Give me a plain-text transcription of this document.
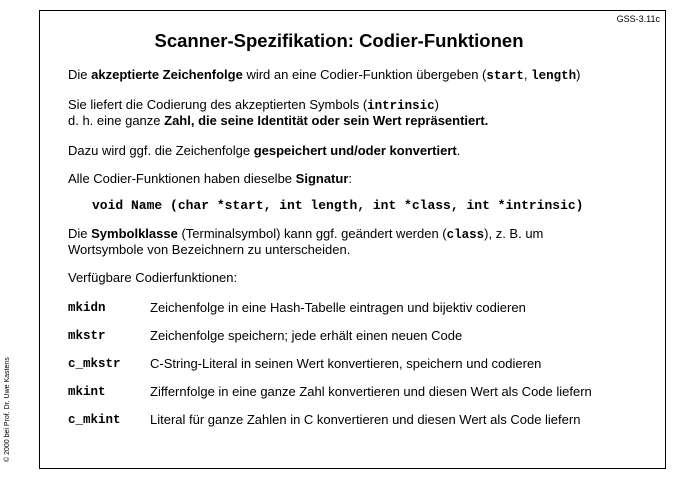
GSS-3.11c
Scanner-Spezifikation: Codier-Funktionen
© 2000 bei Prof. Dr. Uwe Kastens
Die akzeptierte Zeichenfolge wird an eine Codier-Funktion übergeben (start, length)
Sie liefert die Codierung des akzeptierten Symbols (intrinsic)
d. h. eine ganze Zahl, die seine Identität oder sein Wert repräsentiert.
Dazu wird ggf. die Zeichenfolge gespeichert und/oder konvertiert.
Alle Codier-Funktionen haben dieselbe Signatur:
void Name (char *start, int length, int *class, int *intrinsic)
Die Symbolklasse (Terminalsymbol) kann ggf. geändert werden (class), z. B. um
Wortsymbole von Bezeichnern zu unterscheiden.
Verfügbare Codierfunktionen:
mkidn	Zeichenfolge in eine Hash-Tabelle eintragen und bijektiv codieren
mkstr	Zeichenfolge speichern; jede erhält einen neuen Code
c_mkstr C-String-Literal in seinen Wert konvertieren, speichern und codieren
mkint	Ziffernfolge in eine ganze Zahl konvertieren und diesen Wert als Code liefern
c_mkint Literal für ganze Zahlen in C konvertieren und diesen Wert als Code liefern
